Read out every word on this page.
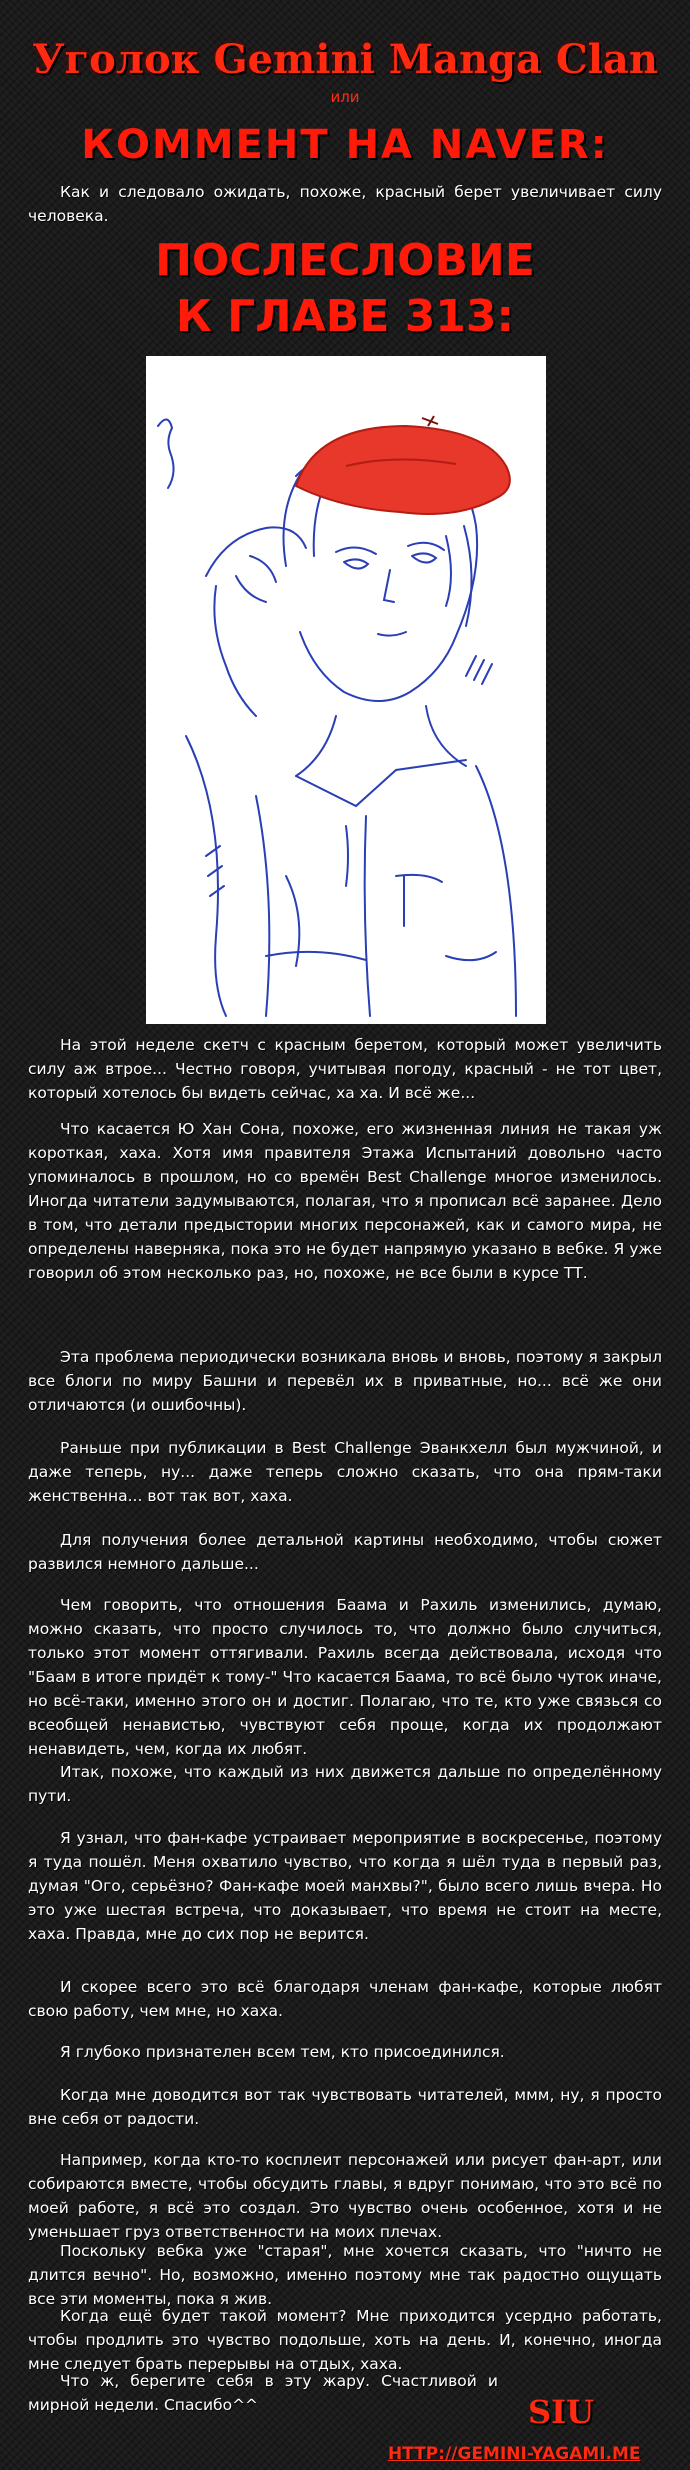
Уголок Gemini Manga Clan
или
КОММЕНТ НА NAVER:
Как и следовало ожидать, похоже, красный берет увеличивает силу человека.
ПОСЛЕСЛОВИЕ
К ГЛАВЕ 313:
На этой неделе скетч с красным беретом, который может увеличить силу аж втрое... Честно говоря, учитывая погоду, красный - не тот цвет, который хотелось бы видеть сейчас, ха ха. И всё же...
Что касается Ю Хан Сона, похоже, его жизненная линия не такая уж короткая, хаха. Хотя имя правителя Этажа Испытаний довольно часто упоминалось в прошлом, но со времён Best Challenge многое изменилось. Иногда читатели задумываются, полагая, что я прописал всё заранее. Дело в том, что детали предыстории многих персонажей, как и самого мира, не определены наверняка, пока это не будет напрямую указано в вебке. Я уже говорил об этом несколько раз, но, похоже, не все были в курсе ТТ.
Эта проблема периодически возникала вновь и вновь, поэтому я закрыл все блоги по миру Башни и перевёл их в приватные, но... всё же они отличаются (и ошибочны).
Раньше при публикации в Best Challenge Эванкхелл был мужчиной, и даже теперь, ну... даже теперь сложно сказать, что она прям-таки женственна... вот так вот, хаха.
Для получения более детальной картины необходимо, чтобы сюжет развился немного дальше...
Чем говорить, что отношения Баама и Рахиль изменились, думаю, можно сказать, что просто случилось то, что должно было случиться, только этот момент оттягивали. Рахиль всегда действовала, исходя что "Баам в итоге придёт к тому-" Что касается Баама, то всё было чуток иначе, но всё-таки, именно этого он и достиг. Полагаю, что те, кто уже связься со всеобщей ненавистью, чувствуют себя проще, когда их продолжают ненавидеть, чем, когда их любят.
Итак, похоже, что каждый из них движется дальше по определённому пути.
Я узнал, что фан-кафе устраивает мероприятие в воскресенье, поэтому я туда пошёл. Меня охватило чувство, что когда я шёл туда в первый раз, думая "Ого, серьёзно? Фан-кафе моей манхвы?", было всего лишь вчера. Но это уже шестая встреча, что доказывает, что время не стоит на месте, хаха. Правда, мне до сих пор не верится.
И скорее всего это всё благодаря членам фан-кафе, которые любят свою работу, чем мне, но хаха.
Я глубоко признателен всем тем, кто присоединился.
Когда мне доводится вот так чувствовать читателей, ммм, ну, я просто вне себя от радости.
Например, когда кто-то косплеит персонажей или рисует фан-арт, или собираются вместе, чтобы обсудить главы, я вдруг понимаю, что это всё по моей работе, я всё это создал. Это чувство очень особенное, хотя и не уменьшает груз ответственности на моих плечах.
Поскольку вебка уже "старая", мне хочется сказать, что "ничто не длится вечно". Но, возможно, именно поэтому мне так радостно ощущать все эти моменты, пока я жив.
Когда ещё будет такой момент? Мне приходится усердно работать, чтобы продлить это чувство подольше, хоть на день. И, конечно, иногда мне следует брать перерывы на отдых, хаха.
Что ж, берегите себя в эту жару. Счастливой и мирной недели. Спасибо^^	SIU
HTTP://GEMINI-YAGAMI.ME
